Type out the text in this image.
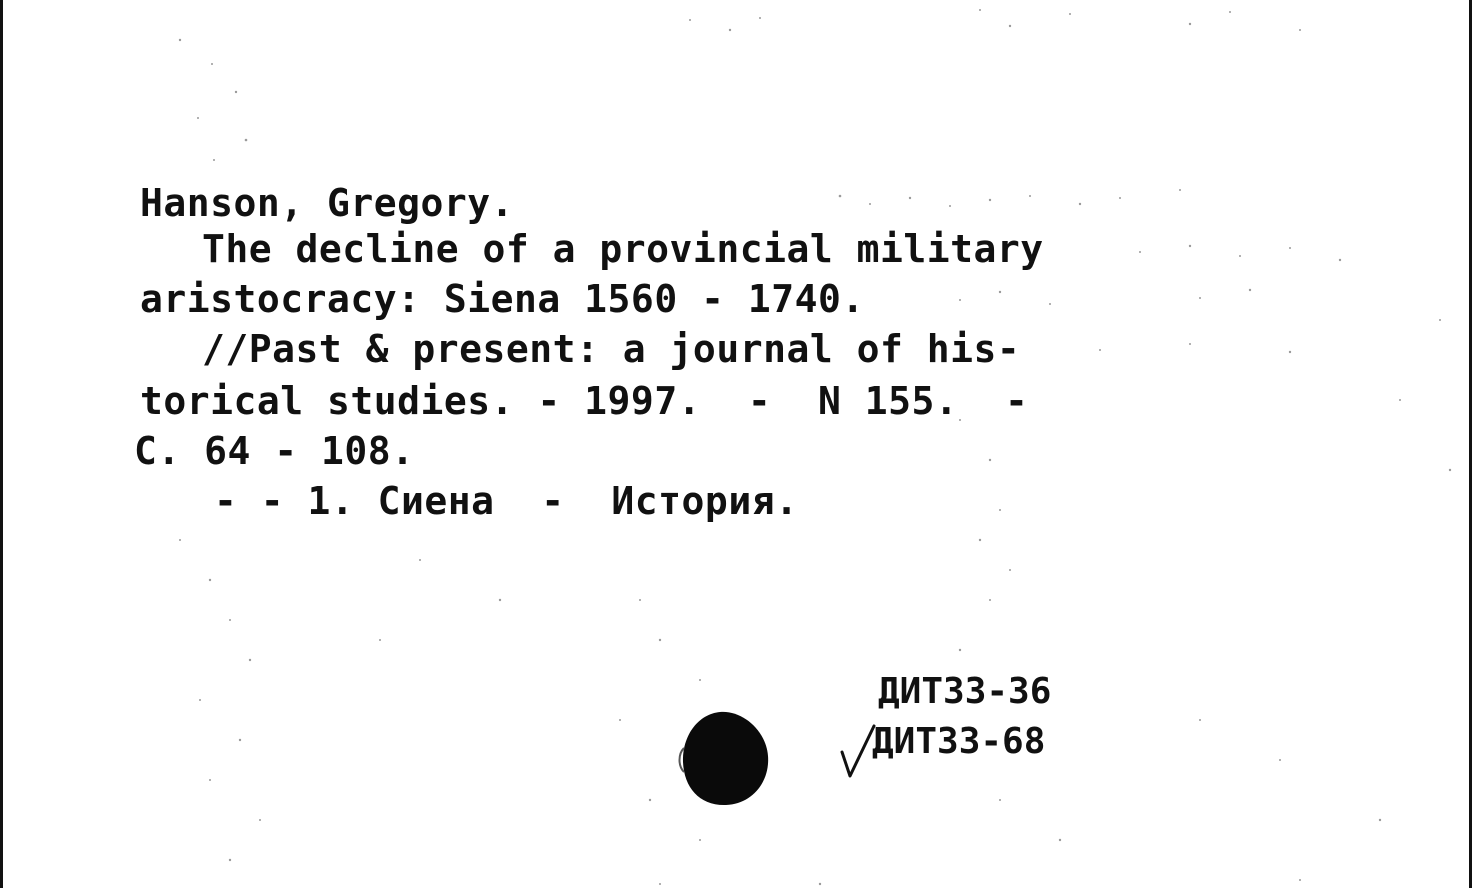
Hanson, Gregory.
The decline of a provincial military
aristocracy: Siena 1560 - 1740.
//Past & present: a journal of his-
torical studies. - 1997.  -  N 155.  -
C. 64 - 108.
- - 1. Сиена  -  История.
ДИТ33-36
ДИТ33-68
